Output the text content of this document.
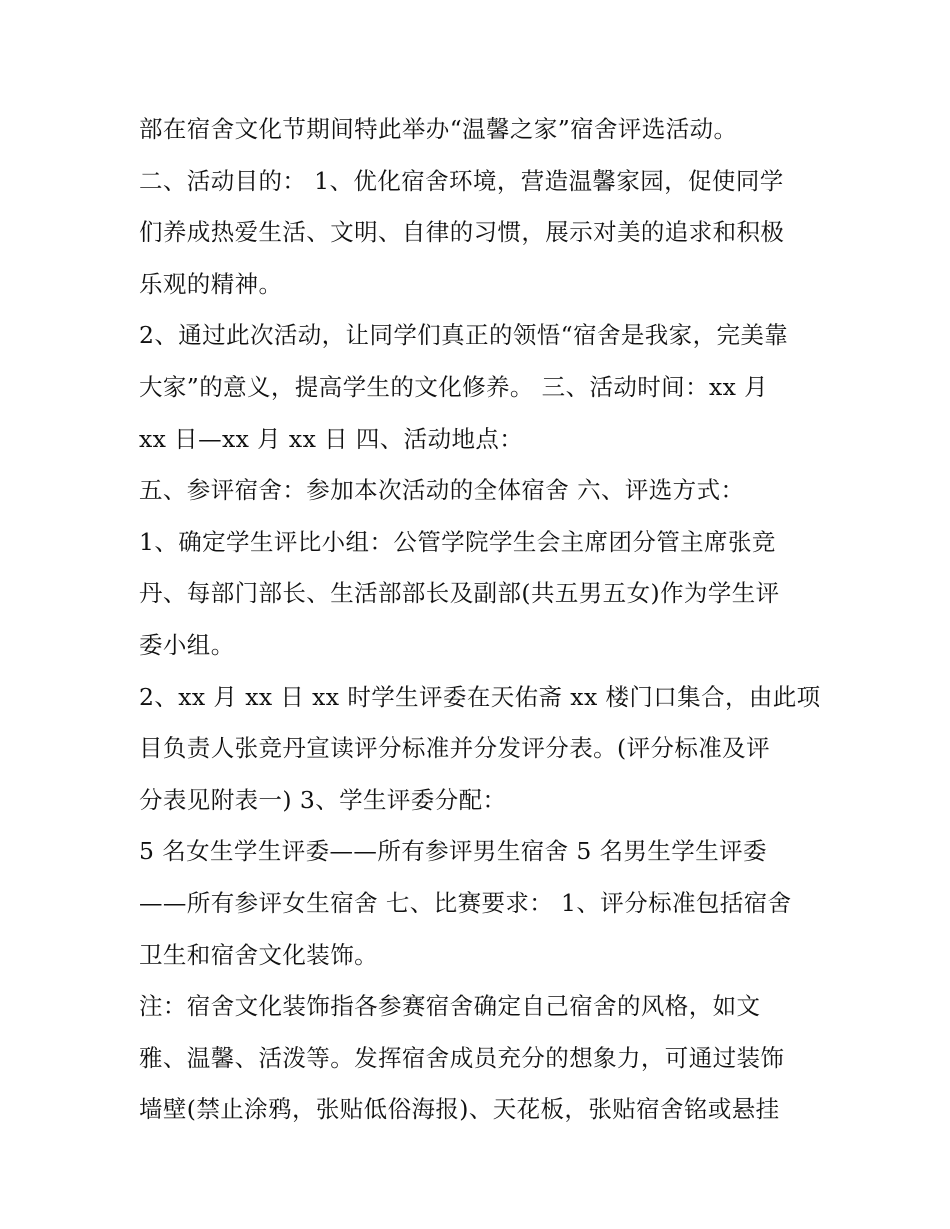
部在宿舍文化节期间特此举办“温馨之家”宿舍评选活动。
二、活动目的： 1、优化宿舍环境，营造温馨家园，促使同学
们养成热爱生活、文明、自律的习惯，展示对美的追求和积极
乐观的精神。
2、通过此次活动，让同学们真正的领悟“宿舍是我家，完美靠
大家”的意义，提高学生的文化修养。 三、活动时间：xx 月
xx 日—xx 月 xx 日 四、活动地点：
五、参评宿舍：参加本次活动的全体宿舍 六、评选方式：
1、确定学生评比小组：公管学院学生会主席团分管主席张竞
丹、每部门部长、生活部部长及副部(共五男五女)作为学生评
委小组。
2、xx 月 xx 日 xx 时学生评委在天佑斋 xx 楼门口集合，由此项
目负责人张竞丹宣读评分标准并分发评分表。(评分标准及评
分表见附表一) 3、学生评委分配：
5 名女生学生评委——所有参评男生宿舍 5 名男生学生评委
——所有参评女生宿舍 七、比赛要求： 1、评分标准包括宿舍
卫生和宿舍文化装饰。
注：宿舍文化装饰指各参赛宿舍确定自己宿舍的风格，如文
雅、温馨、活泼等。发挥宿舍成员充分的想象力，可通过装饰
墙壁(禁止涂鸦，张贴低俗海报)、天花板，张贴宿舍铭或悬挂
